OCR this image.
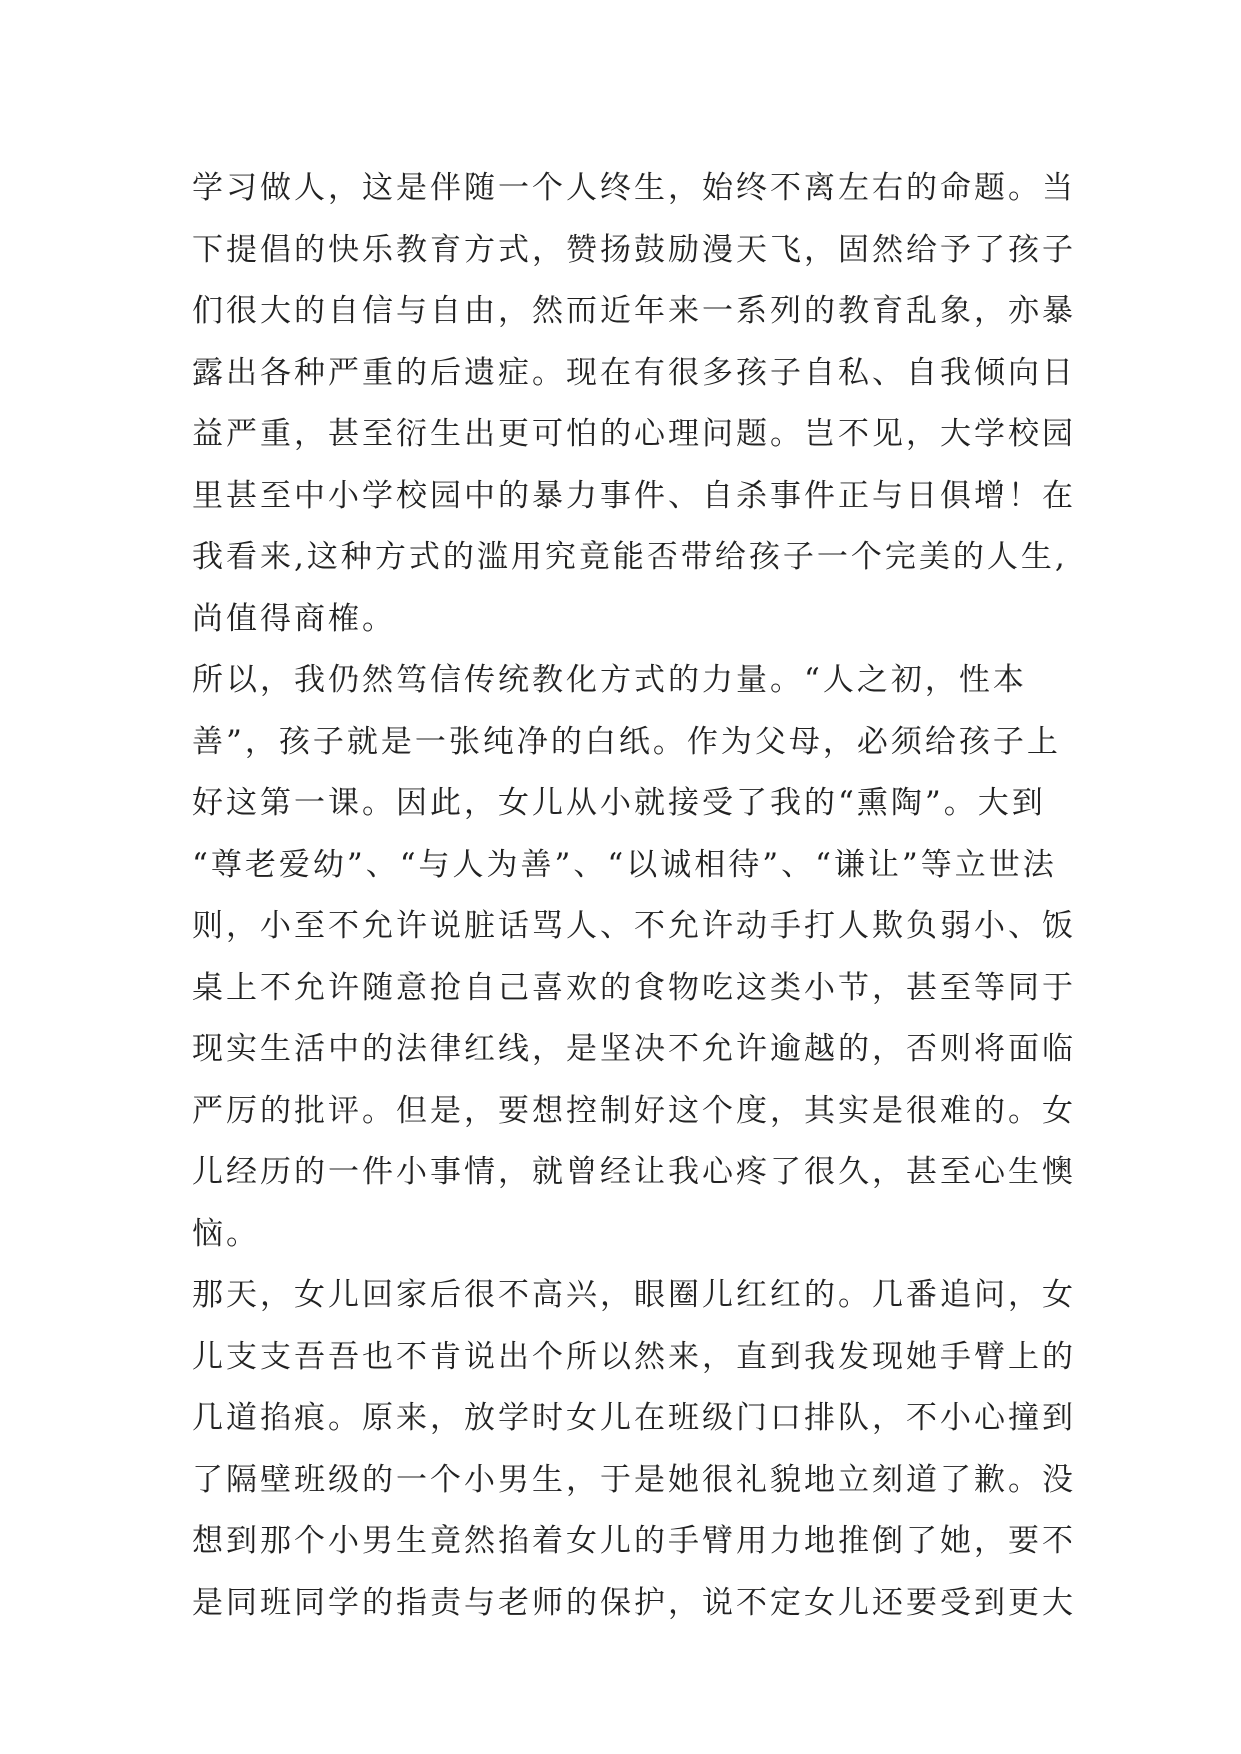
学习做人，这是伴随一个人终生，始终不离左右的命题。当
下提倡的快乐教育方式，赞扬鼓励漫天飞，固然给予了孩子
们很大的自信与自由，然而近年来一系列的教育乱象，亦暴
露出各种严重的后遗症。现在有很多孩子自私、自我倾向日
益严重，甚至衍生出更可怕的心理问题。岂不见，大学校园
里甚至中小学校园中的暴力事件、自杀事件正与日俱增！在
我看来,这种方式的滥用究竟能否带给孩子一个完美的人生,
尚值得商榷。
所以，我仍然笃信传统教化方式的力量。“人之初，性本
善”，孩子就是一张纯净的白纸。作为父母，必须给孩子上
好这第一课。因此，女儿从小就接受了我的“熏陶”。大到
“尊老爱幼”、“与人为善”、“以诚相待”、“谦让”等立世法
则，小至不允许说脏话骂人、不允许动手打人欺负弱小、饭
桌上不允许随意抢自己喜欢的食物吃这类小节，甚至等同于
现实生活中的法律红线，是坚决不允许逾越的，否则将面临
严厉的批评。但是，要想控制好这个度，其实是很难的。女
儿经历的一件小事情，就曾经让我心疼了很久，甚至心生懊
恼。
那天，女儿回家后很不高兴，眼圈儿红红的。几番追问，女
儿支支吾吾也不肯说出个所以然来，直到我发现她手臂上的
几道掐痕。原来，放学时女儿在班级门口排队，不小心撞到
了隔壁班级的一个小男生，于是她很礼貌地立刻道了歉。没
想到那个小男生竟然掐着女儿的手臂用力地推倒了她，要不
是同班同学的指责与老师的保护，说不定女儿还要受到更大
